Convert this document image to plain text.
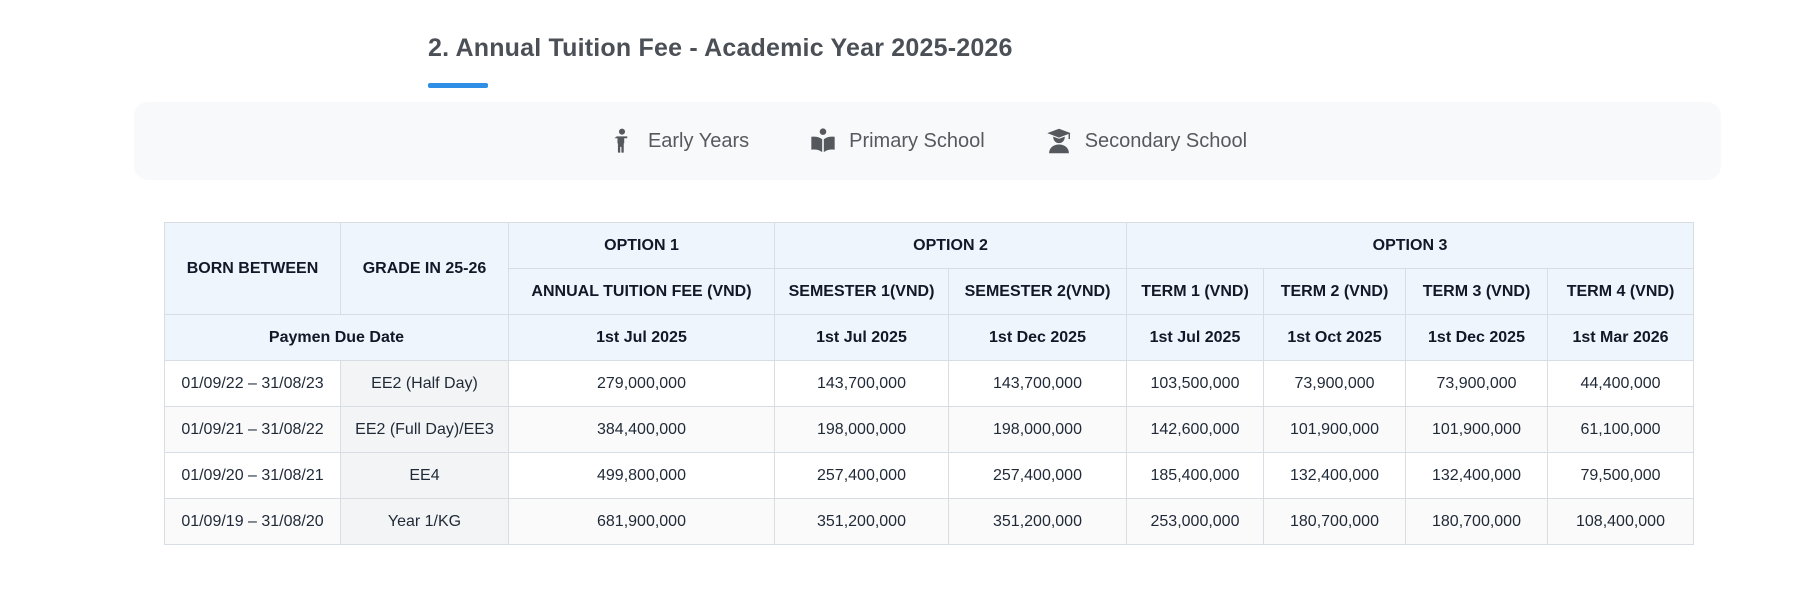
2. Annual Tuition Fee - Academic Year 2025-2026
Early Years	Primary School	Secondary School
BORN BETWEEN	GRADE IN 25-26	OPTION 1	OPTION 2		OPTION 3			
		ANNUAL TUITION FEE (VND)	SEMESTER 1(VND)	SEMESTER 2(VND)	TERM 1 (VND)	TERM 2 (VND)	TERM 3 (VND)	TERM 4 (VND)
Paymen Due Date		1st Jul 2025	1st Jul 2025	1st Dec 2025	1st Jul 2025	1st Oct 2025	1st Dec 2025	1st Mar 2026
01/09/22 – 31/08/23	EE2 (Half Day)	279,000,000	143,700,000	143,700,000	103,500,000	73,900,000	73,900,000	44,400,000
01/09/21 – 31/08/22	EE2 (Full Day)/EE3	384,400,000	198,000,000	198,000,000	142,600,000	101,900,000	101,900,000	61,100,000
01/09/20 – 31/08/21	EE4	499,800,000	257,400,000	257,400,000	185,400,000	132,400,000	132,400,000	79,500,000
01/09/19 – 31/08/20	Year 1/KG	681,900,000	351,200,000	351,200,000	253,000,000	180,700,000	180,700,000	108,400,000
